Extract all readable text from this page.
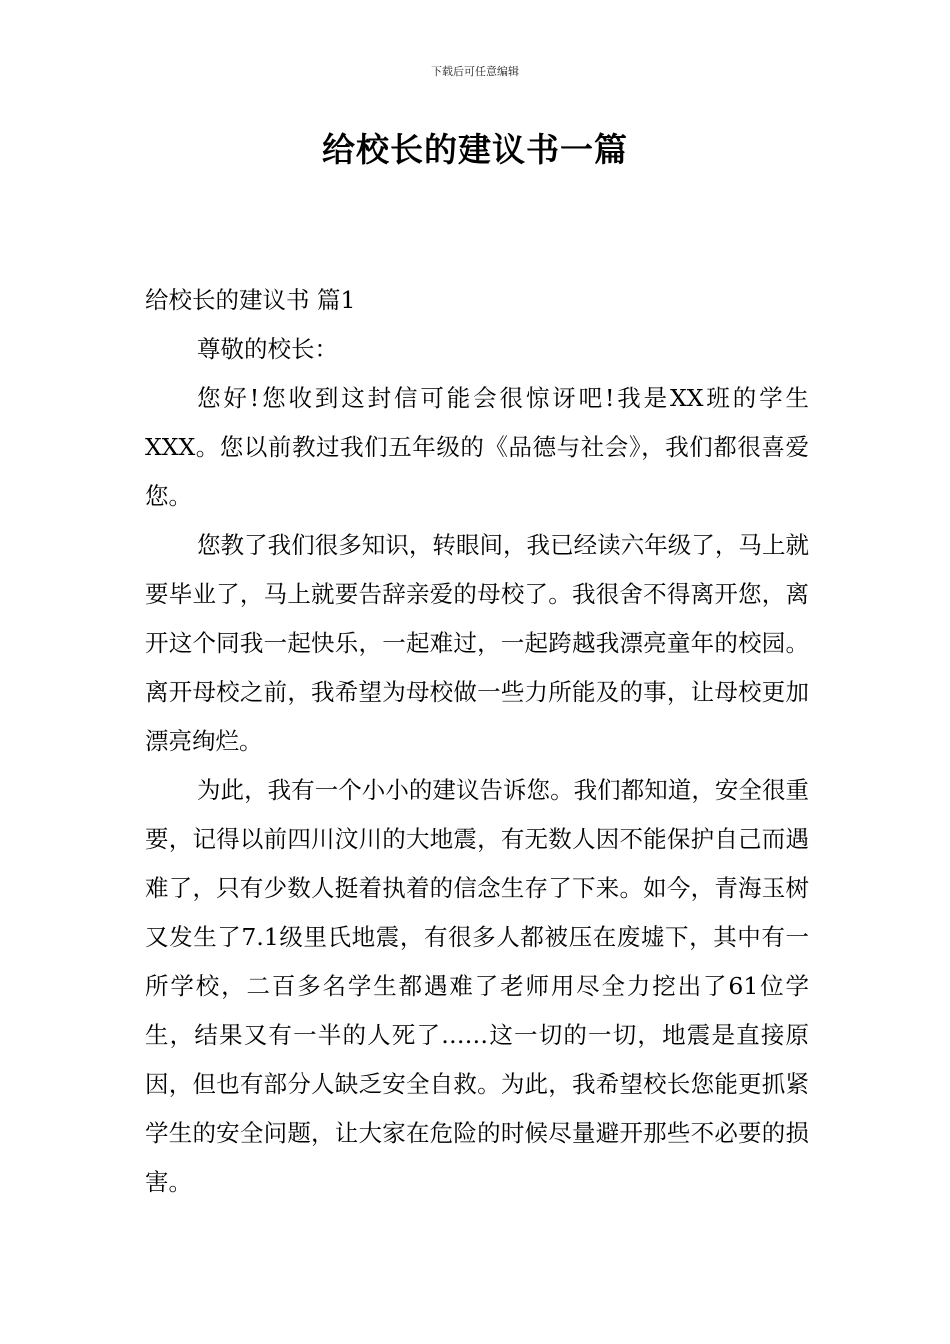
下载后可任意编辑
给校长的建议书一篇

给校长的建议书 篇1

尊敬的校长：

您好!您收到这封信可能会很惊讶吧!我是XX班的学生XXX。您以前教过我们五年级的《品德与社会》，我们都很喜爱您。

您教了我们很多知识，转眼间，我已经读六年级了，马上就要毕业了，马上就要告辞亲爱的母校了。我很舍不得离开您，离开这个同我一起快乐，一起难过，一起跨越我漂亮童年的校园。离开母校之前，我希望为母校做一些力所能及的事，让母校更加漂亮绚烂。

为此，我有一个小小的建议告诉您。我们都知道，安全很重要，记得以前四川汶川的大地震，有无数人因不能保护自己而遇难了，只有少数人挺着执着的信念生存了下来。如今，青海玉树又发生了7.1级里氏地震，有很多人都被压在废墟下，其中有一所学校，二百多名学生都遇难了老师用尽全力挖出了61位学生，结果又有一半的人死了……这一切的一切，地震是直接原因，但也有部分人缺乏安全自救。为此，我希望校长您能更抓紧学生的安全问题，让大家在危险的时候尽量避开那些不必要的损害。
